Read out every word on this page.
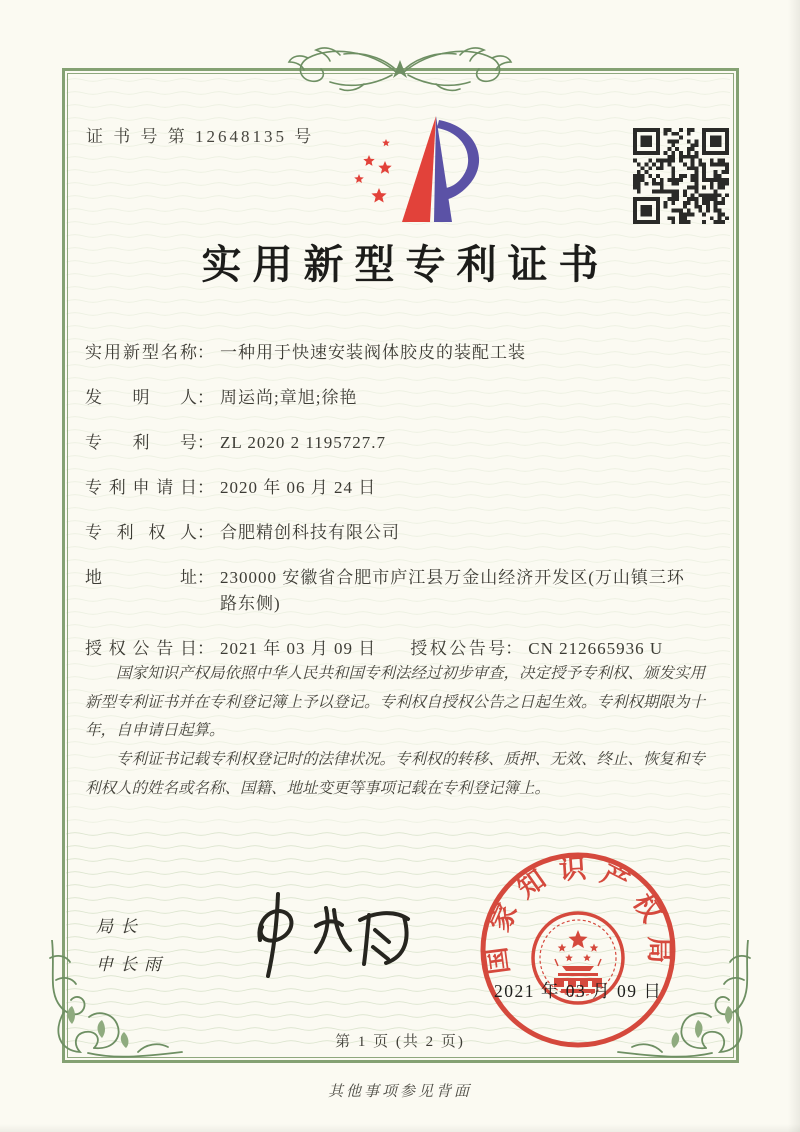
证 书 号 第 12648135 号
实用新型专利证书
实用新型名称： 一种用于快速安装阀体胶皮的装配工装
发明人： 周运尚;章旭;徐艳
专利号： ZL 2020 2 1195727.7
专利申请日： 2020 年 06 月 24 日
专利权人： 合肥精创科技有限公司
地址： 230000 安徽省合肥市庐江县万金山经济开发区(万山镇三环路东侧)
授权公告日： 2021 年 03 月 09 日 授权公告号： CN 212665936 U

国家知识产权局依照中华人民共和国专利法经过初步审查，决定授予专利权、颁发实用新型专利证书并在专利登记簿上予以登记。专利权自授权公告之日起生效。专利权期限为十年，自申请日起算。

专利证书记载专利权登记时的法律状况。专利权的转移、质押、无效、终止、恢复和专利权人的姓名或名称、国籍、地址变更等事项记载在专利登记簿上。

局长
申长雨	国家知识产权局
2021 年 03 月 09 日
第 1 页 (共 2 页)
其他事项参见背面
